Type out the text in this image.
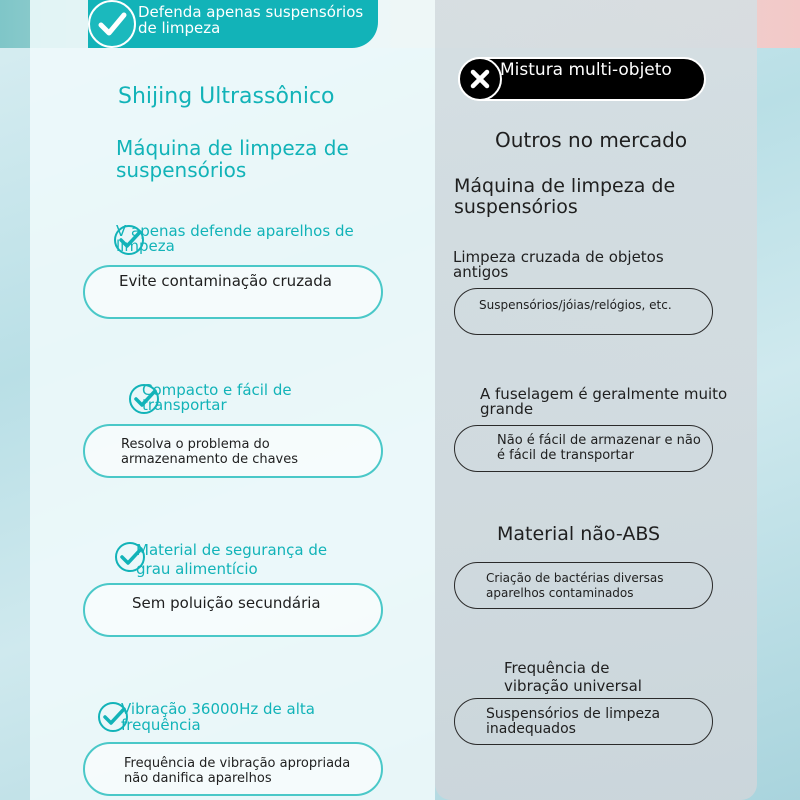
Defenda apenas suspensórios de limpeza
Mistura multi-objeto
Shijing Ultrassônico
Máquina de limpeza de suspensórios
Outros no mercado
Máquina de limpeza de suspensórios
V apenas defende aparelhos de limpeza
Evite contaminação cruzada
Compacto e fácil de transportar
Resolva o problema do armazenamento de chaves
Material de segurança de grau alimentício
Sem poluição secundária
Vibração 36000Hz de alta frequência
Frequência de vibração apropriada não danifica aparelhos
Limpeza cruzada de objetos antigos
Suspensórios/jóias/relógios, etc.
A fuselagem é geralmente muito grande
Não é fácil de armazenar e não é fácil de transportar
Material não-ABS
Criação de bactérias diversas aparelhos contaminados
Frequência de vibração universal
Suspensórios de limpeza inadequados
